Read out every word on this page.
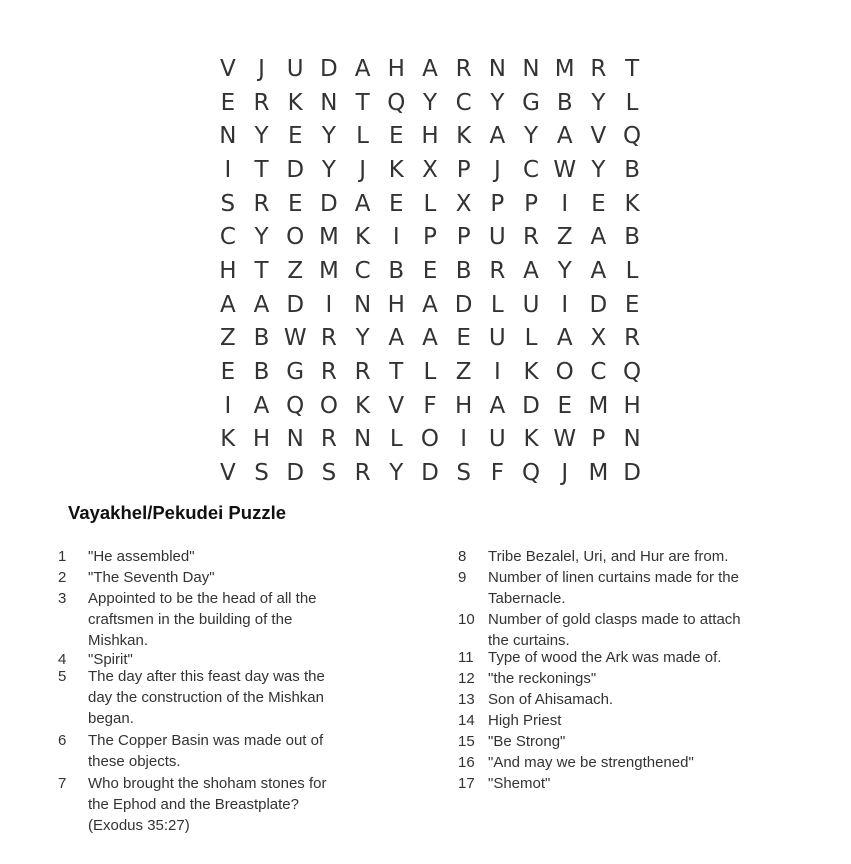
V J U D A H A R N N M R T
E R K N T Q Y C Y G B Y L
N Y E Y L E H K A Y A V Q
I	T D Y	J K X P	J C W Y B
S R E D A E L X P P	I	E K
C Y O M K I	P P U R Z A B
H T Z M C B E B R A Y A L
A A D I N H A D L U I D E
Z B W R Y A A E U L A X R
E B G R R T L Z I K O C Q
I A Q O K V F H A D E M H
K H N R N L O I U K W P N
V S D S R Y D S F Q J M D
Vayakhel/Pekudei Puzzle
1	"He assembled"
2	"The Seventh Day"
3	Appointed to be the head of all the craftsmen in the building of the Mishkan.
4	"Spirit"
5	The day after this feast day was the day the construction of the Mishkan began.
6	The Copper Basin was made out of these objects.
7	Who brought the shoham stones for the Ephod and the Breastplate?(Exodus 35:27)
8	Tribe Bezalel, Uri, and Hur are from.
9	Number of linen curtains made for the Tabernacle.
10 Number of gold clasps made to attach the curtains.
11 Type of wood the Ark was made of.
12 "the reckonings"
13 Son of Ahisamach.
14 High Priest
15 "Be Strong"
16 "And may we be strengthened"
17 "Shemot"
